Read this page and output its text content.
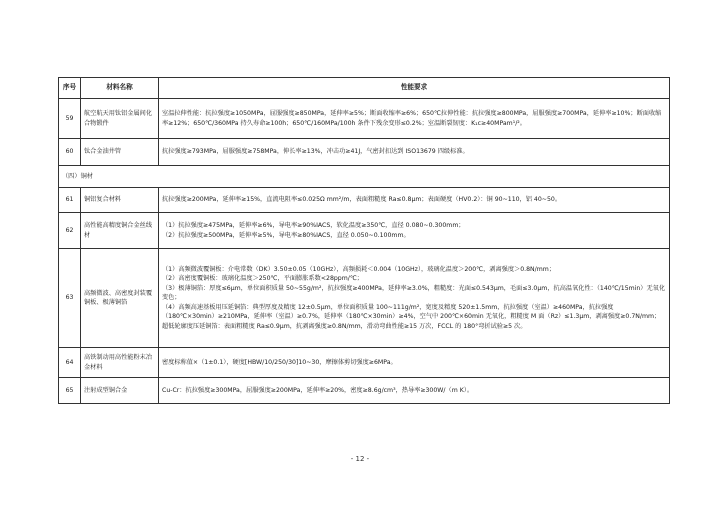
序号	材料名称	性能要求
59	航空航天用钛铝金属间化合物锻件	室温拉伸性能：抗拉强度≥1050MPa，屈服强度≥850MPa，延伸率≥5%；断面收缩率≥6%；650℃拉伸性能：抗拉强度≥800MPa，屈服强度≥700MPa，延伸率≥10%；断面收缩率≥12%；650℃/360MPa 持久寿命≥100h；650℃/160MPa/100h 条件下残余变形≤0.2%；室温断裂韧度：K₁c≥40MPam¹/²。
60	钛合金油井管	抗拉强度≥793MPa，屈服强度≥758MPa，伸长率≥13%，冲击功≥41J，气密封扣达到 ISO13679 四级标准。
（四）铜材		
61	铜铝复合材料	抗拉强度≥200MPa，延伸率≥15%，直流电阻率≤0.025Ω mm²/m，表面粗糙度 Ra≤0.8μm；表面硬度（HV0.2）：铜 90~110，铝 40~50。
62	高性能高精度铜合金丝线材	（1）抗拉强度≥475MPa，延伸率≥6%，导电率≥90%IACS，软化温度≥350℃，直径 0.080~0.300mm；
（2）抗拉强度≥500MPa，延伸率≥5%，导电率≥80%IACS，直径 0.050~0.100mm。

63	高频微波、高密度封装覆铜板、极薄铜箔	（1）高频微波覆铜板：介电常数（DK）3.50±0.05（10GHz），高频损耗＜0.004（10GHz），玻璃化温度＞200℃，剥离强度＞0.8N/mm；
（2）高密度覆铜板：玻璃化温度＞250℃，平面膨胀系数<28ppm/℃；
（3）极薄铜箔：厚度≤6μm，单位面积质量 50~55g/m²，抗拉强度≥400MPa，延伸率≥3.0%，粗糙度：光面≤0.543μm，毛面≤3.0μm，抗高温氧化性：（140℃/15min）无氧化变色；
（4）高频高速基板用压延铜箔：典型厚度及精度 12±0.5μm，单位面积质量 100~111g/m²，宽度及精度 520±1.5mm，抗拉强度（室温）≥460MPa，抗拉强度（180℃×30min）≥210MPa，延伸率（室温）≥0.7%，延伸率（180℃×30min）≥4%，空气中 200℃×60min 无氧化，粗糙度 M 面（Rz）≤1.3μm，剥离强度≥0.7N/mm；超低轮廓度压延铜箔：表面粗糙度 Ra≤0.9μm，抗剥离强度≥0.8N/mm，滑动弯曲性能≥15 万次，FCCL 的 180°弯折试验≥5 次。

64	高铁制动用高性能粉末冶金材料	密度标称值×（1±0.1），硬度[HBW/10/250/30]10~30，摩擦体剪切强度≥6MPa。
65	注射成型铜合金	Cu-Cr：抗拉强度≥300MPa，屈服强度≥200MPa，延伸率≥20%，密度≥8.6g/cm³，热导率≥300W/（m K）。
- 12 -
